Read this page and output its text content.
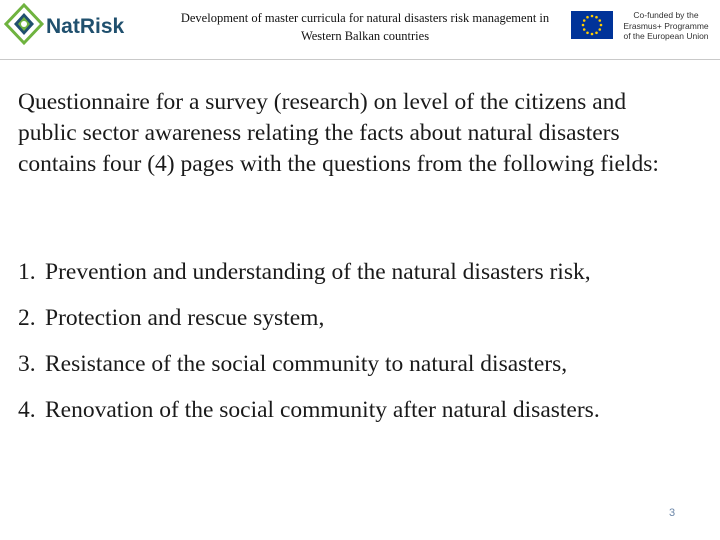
NatRisk	Development of master curricula for natural disasters risk management in
Western Balkan countries
Co-funded by the
Erasmus+ Programme
of the European Union

Questionnaire for a survey (research) on level of the citizens and public sector awareness relating the facts about natural disasters contains four (4) pages with the questions from the following fields:

1. Prevention and understanding of the natural disasters risk,
2. Protection and rescue system,
3. Resistance of the social community to natural disasters,
4. Renovation of the social community after natural disasters.
3
